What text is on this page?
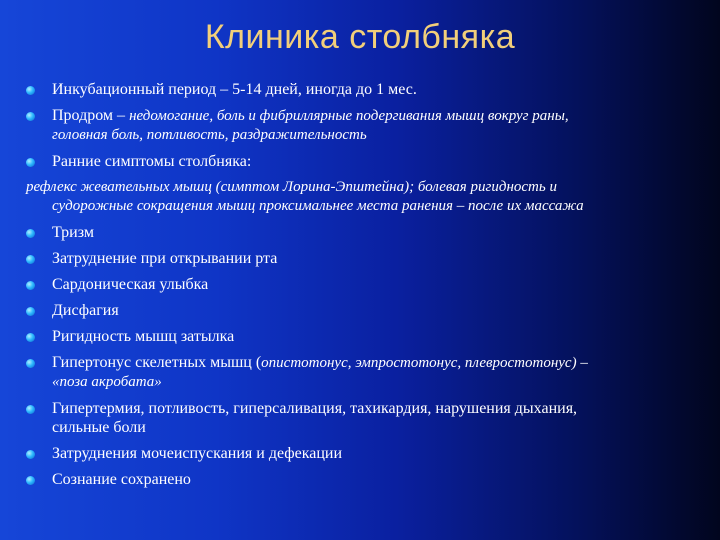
Клиника столбняка
Инкубационный период – 5-14 дней, иногда до 1 мес.
Продром – недомогание, боль и фибриллярные подергивания мышц вокруг раны,
головная боль, потливость, раздражительность
Ранние симптомы столбняка:
рефлекс жевательных мышц (симптом Лорина-Эпштейна); болевая ригидность и
судорожные сокращения мышц проксимальнее места ранения – после их массажа
Тризм
Затруднение при открывании рта
Сардоническая улыбка
Дисфагия
Ригидность мышц затылка
Гипертонус скелетных мышц (опистотонус, эмпростотонус, плевростотонус) –
«поза акробата»
Гипертермия, потливость, гиперсаливация, тахикардия, нарушения дыхания,
сильные боли
Затруднения мочеиспускания и дефекации
Сознание сохранено
